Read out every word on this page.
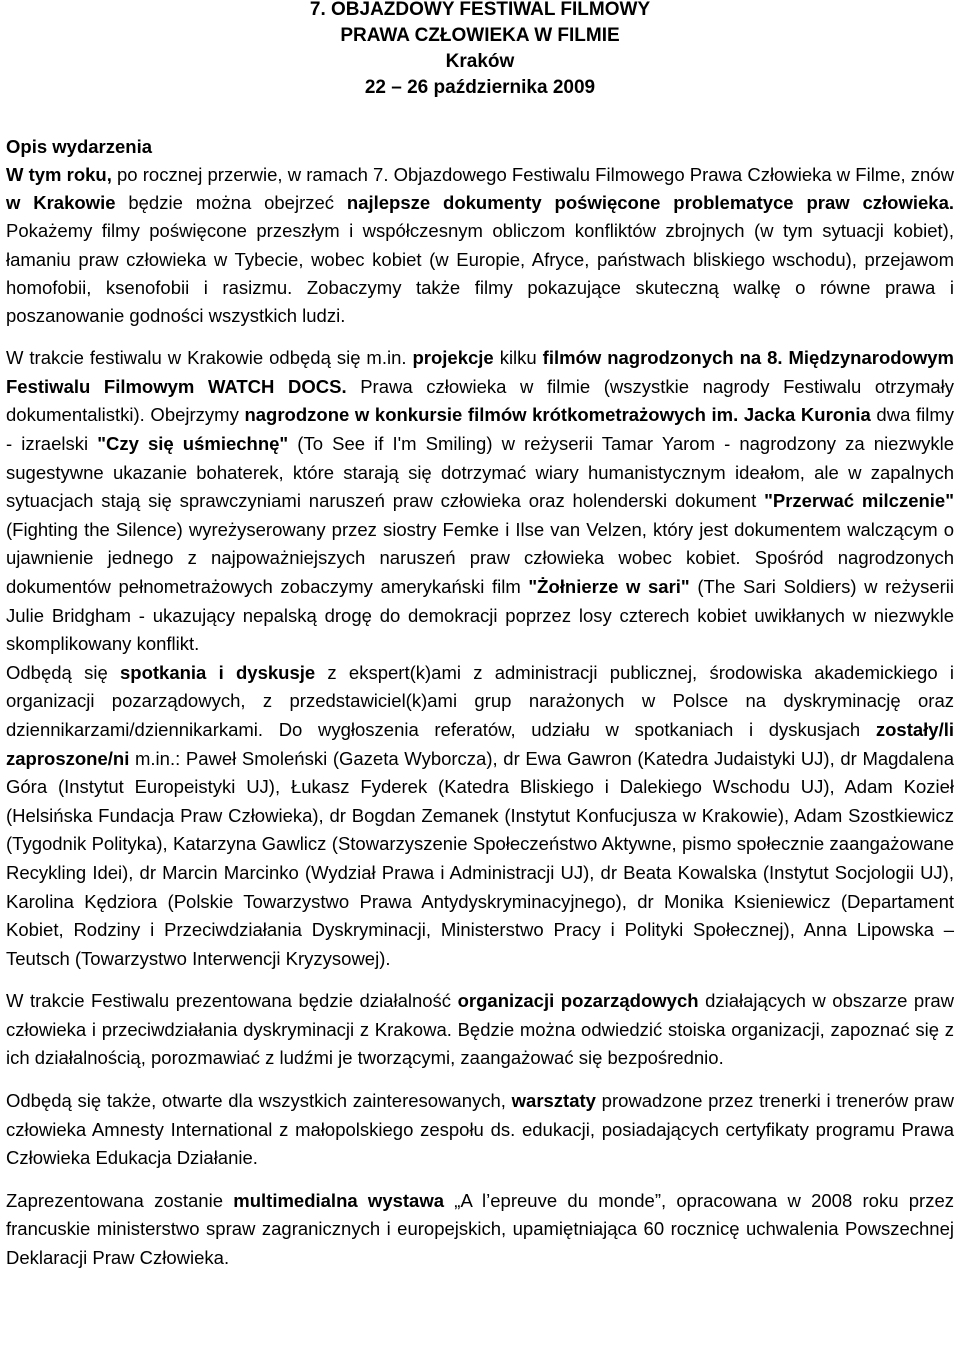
7. OBJAZDOWY FESTIWAL FILMOWY
PRAWA CZŁOWIEKA W FILMIE
Kraków
22 – 26 października 2009
Opis wydarzenia

W tym roku, po rocznej przerwie, w ramach 7. Objazdowego Festiwalu Filmowego Prawa Człowieka w Filme, znów w Krakowie będzie można obejrzeć najlepsze dokumenty poświęcone problematyce praw człowieka. Pokażemy filmy poświęcone przeszłym i współczesnym obliczom konfliktów zbrojnych (w tym sytuacji kobiet), łamaniu praw człowieka w Tybecie, wobec kobiet (w Europie, Afryce, państwach bliskiego wschodu), przejawom homofobii, ksenofobii i rasizmu. Zobaczymy także filmy pokazujące skuteczną walkę o równe prawa i poszanowanie godności wszystkich ludzi.

W trakcie festiwalu w Krakowie odbędą się m.in. projekcje kilku filmów nagrodzonych na 8. Międzynarodowym Festiwalu Filmowym WATCH DOCS. Prawa człowieka w filmie (wszystkie nagrody Festiwalu otrzymały dokumentalistki). Obejrzymy nagrodzone w konkursie filmów krótkometrażowych im. Jacka Kuronia dwa filmy - izraelski "Czy się uśmiechnę" (To See if I'm Smiling) w reżyserii Tamar Yarom - nagrodzony za niezwykle sugestywne ukazanie bohaterek, które starają się dotrzymać wiary humanistycznym ideałom, ale w zapalnych sytuacjach stają się sprawczyniami naruszeń praw człowieka oraz holenderski dokument "Przerwać milczenie" (Fighting the Silence) wyreżyserowany przez siostry Femke i Ilse van Velzen, który jest dokumentem walczącym o ujawnienie jednego z najpoważniejszych naruszeń praw człowieka wobec kobiet. Spośród nagrodzonych dokumentów pełnometrażowych zobaczymy amerykański film "Żołnierze w sari" (The Sari Soldiers) w reżyserii Julie Bridgham - ukazujący nepalską drogę do demokracji poprzez losy czterech kobiet uwikłanych w niezwykle skomplikowany konflikt.

Odbędą się spotkania i dyskusje z ekspert(k)ami z administracji publicznej, środowiska akademickiego i organizacji pozarządowych, z przedstawiciel(k)ami grup narażonych w Polsce na dyskryminację oraz dziennikarzami/dziennikarkami. Do wygłoszenia referatów, udziału w spotkaniach i dyskusjach zostały/li zaproszone/ni m.in.: Paweł Smoleński (Gazeta Wyborcza), dr Ewa Gawron (Katedra Judaistyki UJ), dr Magdalena Góra (Instytut Europeistyki UJ), Łukasz Fyderek (Katedra Bliskiego i Dalekiego Wschodu UJ), Adam Kozieł (Helsińska Fundacja Praw Człowieka), dr Bogdan Zemanek (Instytut Konfucjusza w Krakowie), Adam Szostkiewicz (Tygodnik Polityka), Katarzyna Gawlicz (Stowarzyszenie Społeczeństwo Aktywne, pismo społecznie zaangażowane Recykling Idei), dr Marcin Marcinko (Wydział Prawa i Administracji UJ), dr Beata Kowalska (Instytut Socjologii UJ), Karolina Kędziora (Polskie Towarzystwo Prawa Antydyskryminacyjnego), dr Monika Ksieniewicz (Departament Kobiet, Rodziny i Przeciwdziałania Dyskryminacji, Ministerstwo Pracy i Polityki Społecznej), Anna Lipowska – Teutsch (Towarzystwo Interwencji Kryzysowej).

W trakcie Festiwalu prezentowana będzie działalność organizacji pozarządowych działających w obszarze praw człowieka i przeciwdziałania dyskryminacji z Krakowa. Będzie można odwiedzić stoiska organizacji, zapoznać się z ich działalnością, porozmawiać z ludźmi je tworzącymi, zaangażować się bezpośrednio.

Odbędą się także, otwarte dla wszystkich zainteresowanych, warsztaty prowadzone przez trenerki i trenerów praw człowieka Amnesty International z małopolskiego zespołu ds. edukacji, posiadających certyfikaty programu Prawa Człowieka Edukacja Działanie.

Zaprezentowana zostanie multimedialna wystawa „A l’epreuve du monde”, opracowana w 2008 roku przez francuskie ministerstwo spraw zagranicznych i europejskich, upamiętniająca 60 rocznicę uchwalenia Powszechnej Deklaracji Praw Człowieka.
